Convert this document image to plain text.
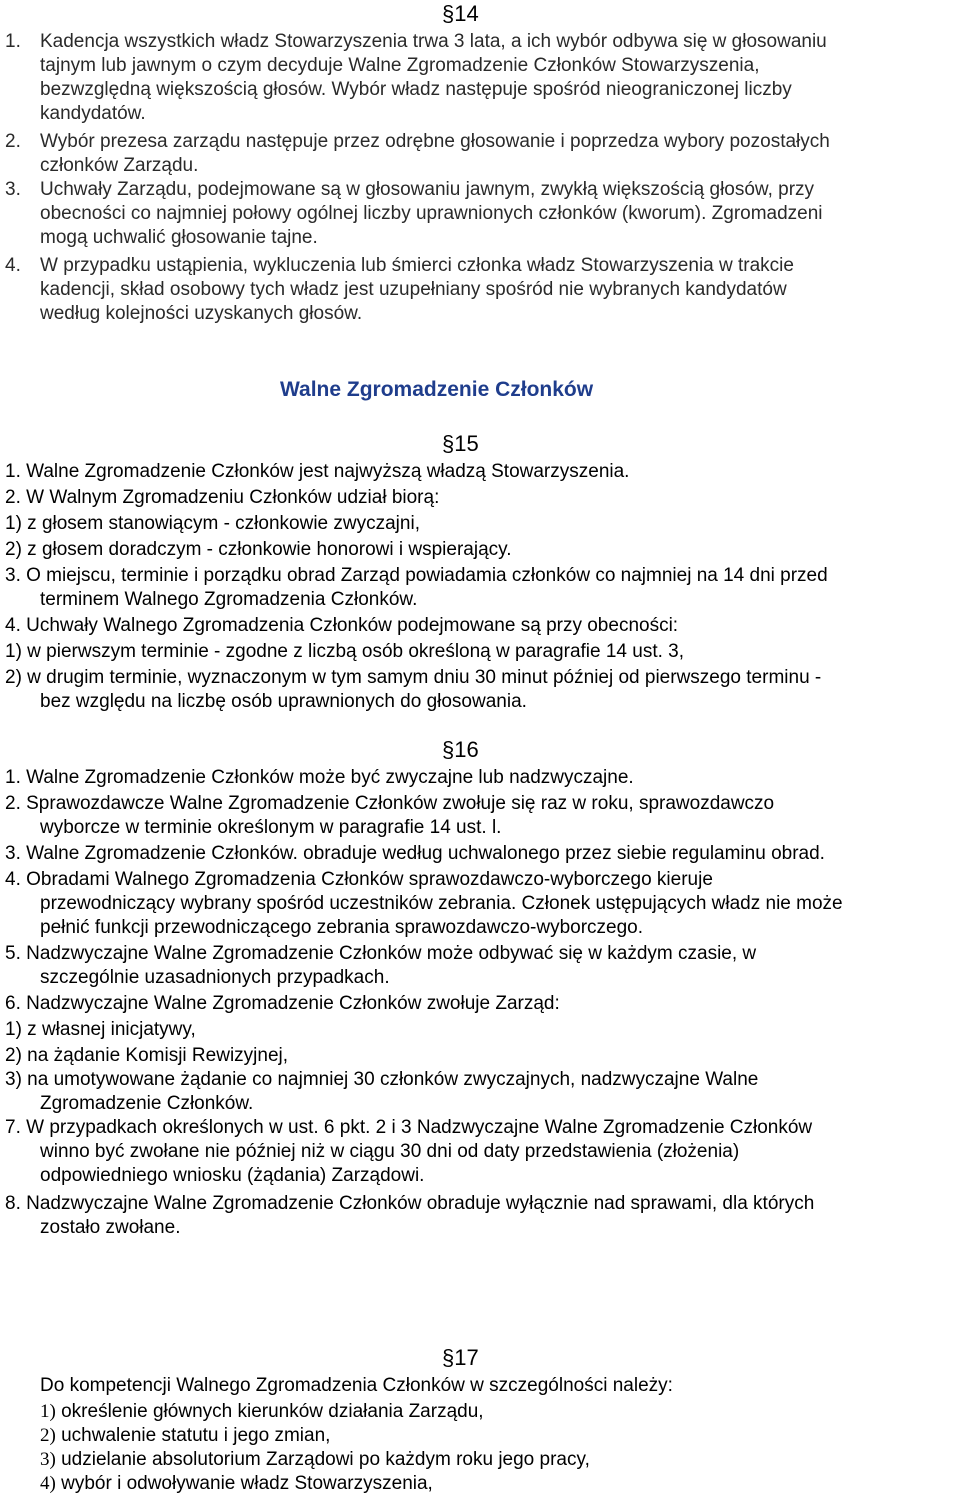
§14
1. Kadencja wszystkich władz Stowarzyszenia trwa 3 lata, a ich wybór odbywa się w głosowaniu
tajnym lub jawnym o czym decyduje Walne Zgromadzenie Członków Stowarzyszenia,
bezwzględną większością głosów. Wybór władz następuje spośród nieograniczonej liczby
kandydatów.
2. Wybór prezesa zarządu następuje przez odrębne głosowanie i poprzedza wybory pozostałych
członków Zarządu.
3. Uchwały Zarządu, podejmowane są w głosowaniu jawnym, zwykłą większością głosów, przy
obecności co najmniej połowy ogólnej liczby uprawnionych członków (kworum). Zgromadzeni
mogą uchwalić głosowanie tajne.
4. W przypadku ustąpienia, wykluczenia lub śmierci członka władz Stowarzyszenia w trakcie
kadencji, skład osobowy tych władz jest uzupełniany spośród nie wybranych kandydatów
według kolejności uzyskanych głosów.
Walne Zgromadzenie Członków
§15
1. Walne Zgromadzenie Członków jest najwyższą władzą Stowarzyszenia.
2. W Walnym Zgromadzeniu Członków udział biorą:
1) z głosem stanowiącym - członkowie zwyczajni,
2) z głosem doradczym - członkowie honorowi i wspierający.
3. O miejscu, terminie i porządku obrad Zarząd powiadamia członków co najmniej na 14 dni przed
terminem Walnego Zgromadzenia Członków.
4. Uchwały Walnego Zgromadzenia Członków podejmowane są przy obecności:
1) w pierwszym terminie - zgodne z liczbą osób określoną w paragrafie 14 ust. 3,
2) w drugim terminie, wyznaczonym w tym samym dniu 30 minut później od pierwszego terminu -
bez względu na liczbę osób uprawnionych do głosowania.
§16
1. Walne Zgromadzenie Członków może być zwyczajne lub nadzwyczajne.
2. Sprawozdawcze Walne Zgromadzenie Członków zwołuje się raz w roku, sprawozdawczo
wyborcze w terminie określonym w paragrafie 14 ust. l.
3. Walne Zgromadzenie Członków. obraduje według uchwalonego przez siebie regulaminu obrad.
4. Obradami Walnego Zgromadzenia Członków sprawozdawczo-wyborczego kieruje
przewodniczący wybrany spośród uczestników zebrania. Członek ustępujących władz nie może
pełnić funkcji przewodniczącego zebrania sprawozdawczo-wyborczego.
5. Nadzwyczajne Walne Zgromadzenie Członków może odbywać się w każdym czasie, w
szczególnie uzasadnionych przypadkach.
6. Nadzwyczajne Walne Zgromadzenie Członków zwołuje Zarząd:
1) z własnej inicjatywy,
2) na żądanie Komisji Rewizyjnej,
3) na umotywowane żądanie co najmniej 30 członków zwyczajnych, nadzwyczajne Walne
Zgromadzenie Członków.
7. W przypadkach określonych w ust. 6 pkt. 2 i 3 Nadzwyczajne Walne Zgromadzenie Członków
winno być zwołane nie później niż w ciągu 30 dni od daty przedstawienia (złożenia)
odpowiedniego wniosku (żądania) Zarządowi.
8. Nadzwyczajne Walne Zgromadzenie Członków obraduje wyłącznie nad sprawami, dla których
zostało zwołane.
§17
Do kompetencji Walnego Zgromadzenia Członków w szczególności należy:
1) określenie głównych kierunków działania Zarządu,
2) uchwalenie statutu i jego zmian,
3) udzielanie absolutorium Zarządowi po każdym roku jego pracy,
4) wybór i odwoływanie władz Stowarzyszenia,
